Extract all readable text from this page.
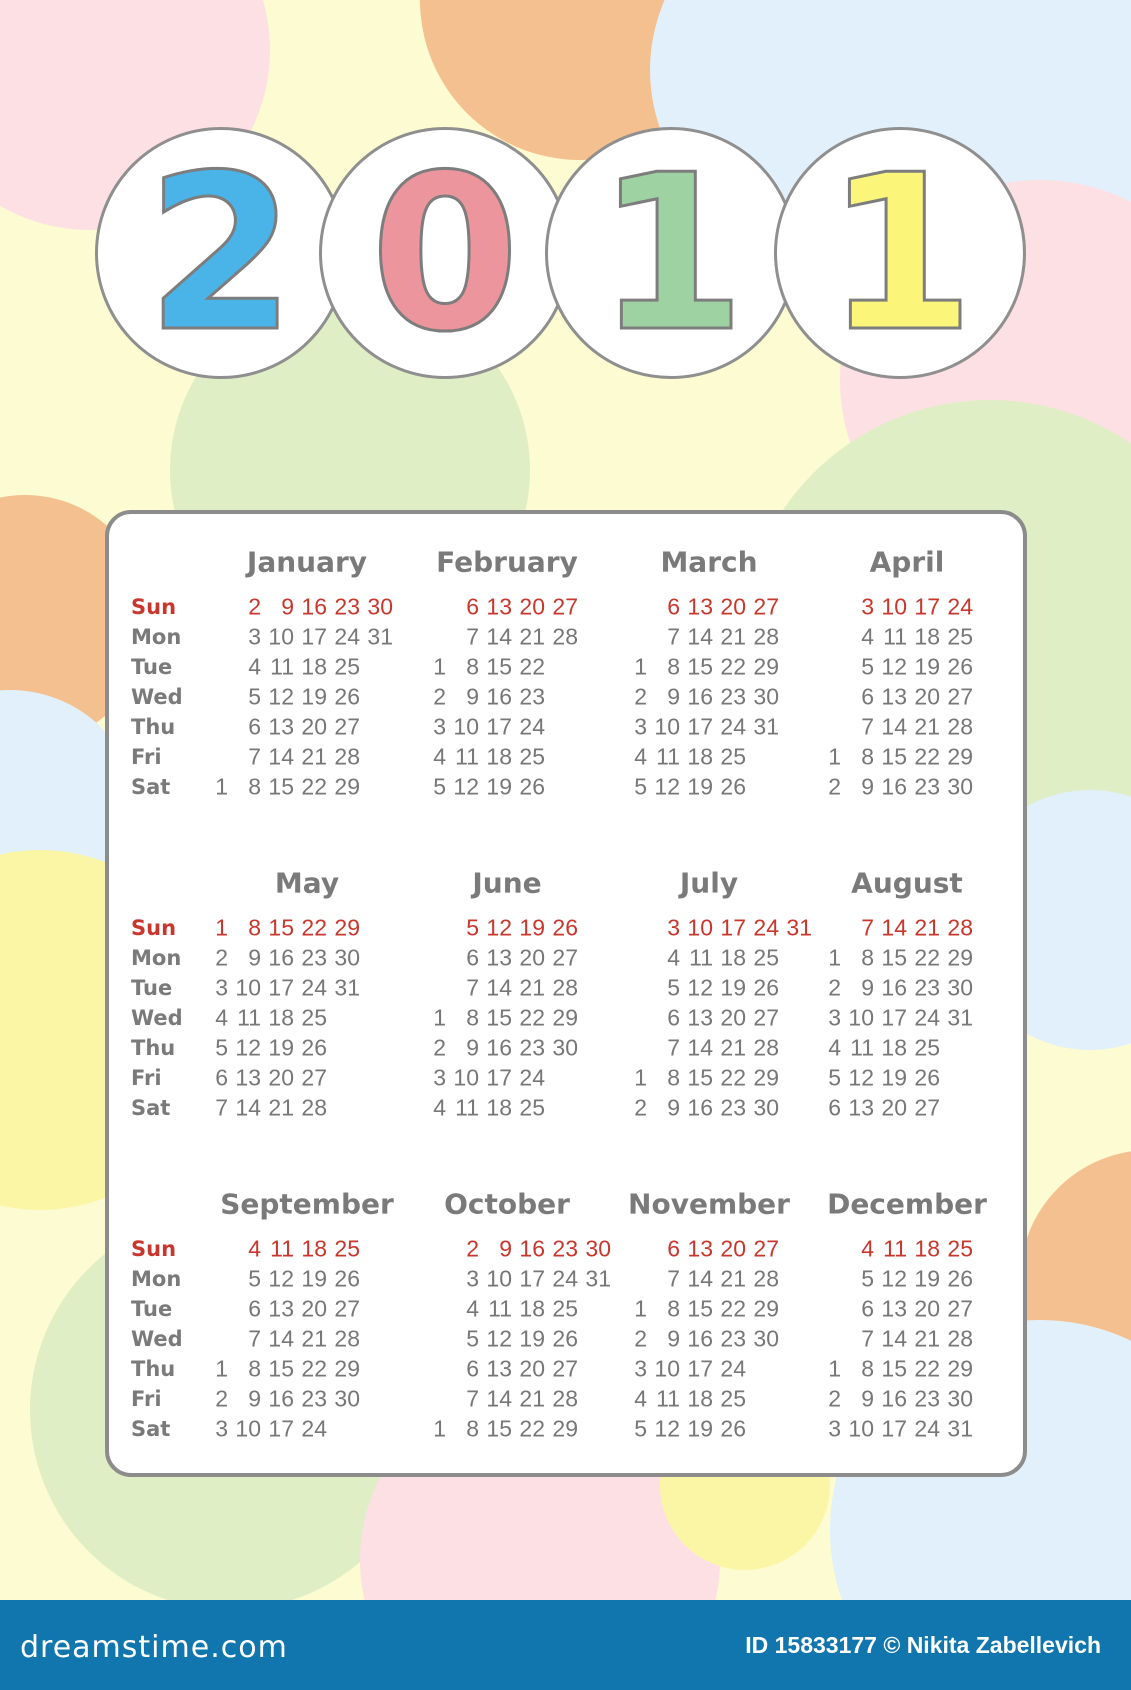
2 0 1 1
Sun
Mon
Tue
Wed
Thu
Fri
Sat
Sun
Mon
Tue
Wed
Thu
Fri
Sat
Sun
Mon
Tue
Wed
Thu
Fri
Sat
January
2 9 16 23 30
3 10 17 24 31
4 11 18 25
5 12 19 26
6 13 20 27
7 14 21 28
1 8 15 22 29
February
6 13 20 27
7 14 21 28
1 8 15 22
2 9 16 23
3 10 17 24
4 11 18 25
5 12 19 26
March
6 13 20 27
7 14 21 28
1 8 15 22 29
2 9 16 23 30
3 10 17 24 31
4 11 18 25
5 12 19 26
April
3 10 17 24
4 11 18 25
5 12 19 26
6 13 20 27
7 14 21 28
1 8 15 22 29
2 9 16 23 30
May
1 8 15 22 29
2 9 16 23 30
3 10 17 24 31
4 11 18 25
5 12 19 26
6 13 20 27
7 14 21 28
June
5 12 19 26
6 13 20 27
7 14 21 28
1 8 15 22 29
2 9 16 23 30
3 10 17 24
4 11 18 25
July
3 10 17 24 31
4 11 18 25
5 12 19 26
6 13 20 27
7 14 21 28
1 8 15 22 29
2 9 16 23 30
August
7 14 21 28
1 8 15 22 29
2 9 16 23 30
3 10 17 24 31
4 11 18 25
5 12 19 26
6 13 20 27
September
4 11 18 25
5 12 19 26
6 13 20 27
7 14 21 28
1 8 15 22 29
2 9 16 23 30
3 10 17 24
October
2 9 16 23 30
3 10 17 24 31
4 11 18 25
5 12 19 26
6 13 20 27
7 14 21 28
1 8 15 22 29
November
6 13 20 27
7 14 21 28
1 8 15 22 29
2 9 16 23 30
3 10 17 24
4 11 18 25
5 12 19 26
December
4 11 18 25
5 12 19 26
6 13 20 27
7 14 21 28
1 8 15 22 29
2 9 16 23 30
3 10 17 24 31
dreamstime.com	ID 15833177 © Nikita Zabellevich
